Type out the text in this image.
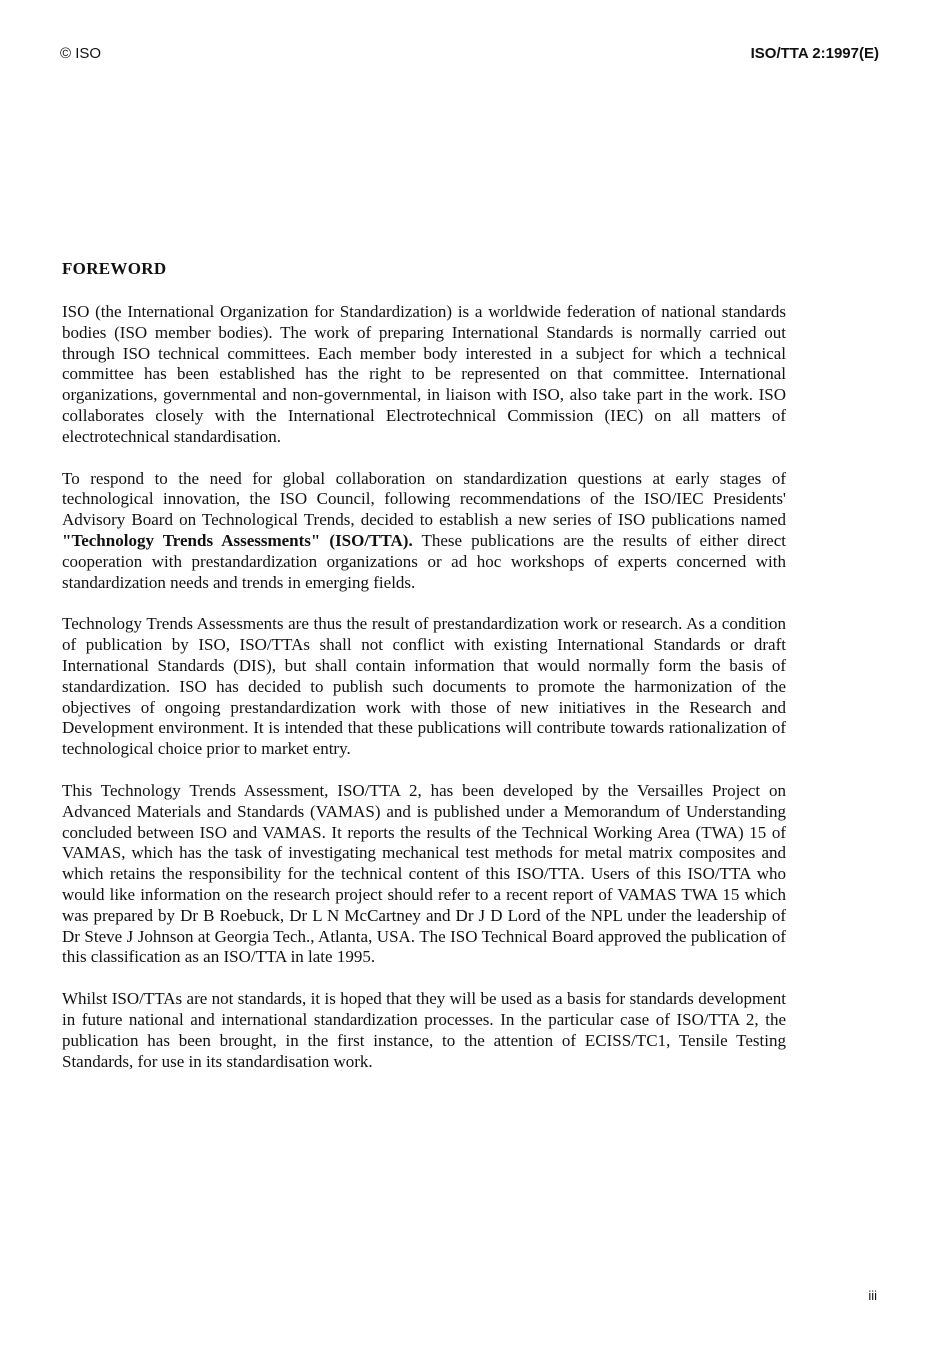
© ISO	ISO/TTA 2:1997(E)
FOREWORD

ISO (the International Organization for Standardization) is a worldwide federation of national standards bodies (ISO member bodies). The work of preparing International Standards is normally carried out through ISO technical committees. Each member body interested in a subject for which a technical committee has been established has the right to be represented on that committee. International organizations, governmental and non-governmental, in liaison with ISO, also take part in the work. ISO collaborates closely with the International Electrotechnical Commission (IEC) on all matters of electrotechnical standardisation.

To respond to the need for global collaboration on standardization questions at early stages of technological innovation, the ISO Council, following recommendations of the ISO/IEC Presidents' Advisory Board on Technological Trends, decided to establish a new series of ISO publications named "Technology Trends Assessments" (ISO/TTA). These publications are the results of either direct cooperation with prestandardization organizations or ad hoc workshops of experts concerned with standardization needs and trends in emerging fields.

Technology Trends Assessments are thus the result of prestandardization work or research. As a condition of publication by ISO, ISO/TTAs shall not conflict with existing International Standards or draft International Standards (DIS), but shall contain information that would normally form the basis of standardization. ISO has decided to publish such documents to promote the harmonization of the objectives of ongoing prestandardization work with those of new initiatives in the Research and Development environment. It is intended that these publications will contribute towards rationalization of technological choice prior to market entry.

This Technology Trends Assessment, ISO/TTA 2, has been developed by the Versailles Project on Advanced Materials and Standards (VAMAS) and is published under a Memorandum of Understanding concluded between ISO and VAMAS. It reports the results of the Technical Working Area (TWA) 15 of VAMAS, which has the task of investigating mechanical test methods for metal matrix composites and which retains the responsibility for the technical content of this ISO/TTA. Users of this ISO/TTA who would like information on the research project should refer to a recent report of VAMAS TWA 15 which was prepared by Dr B Roebuck, Dr L N McCartney and Dr J D Lord of the NPL under the leadership of Dr Steve J Johnson at Georgia Tech., Atlanta, USA. The ISO Technical Board approved the publication of this classification as an ISO/TTA in late 1995.

Whilst ISO/TTAs are not standards, it is hoped that they will be used as a basis for standards development in future national and international standardization processes. In the particular case of ISO/TTA 2, the publication has been brought, in the first instance, to the attention of ECISS/TC1, Tensile Testing Standards, for use in its standardisation work.

iii
